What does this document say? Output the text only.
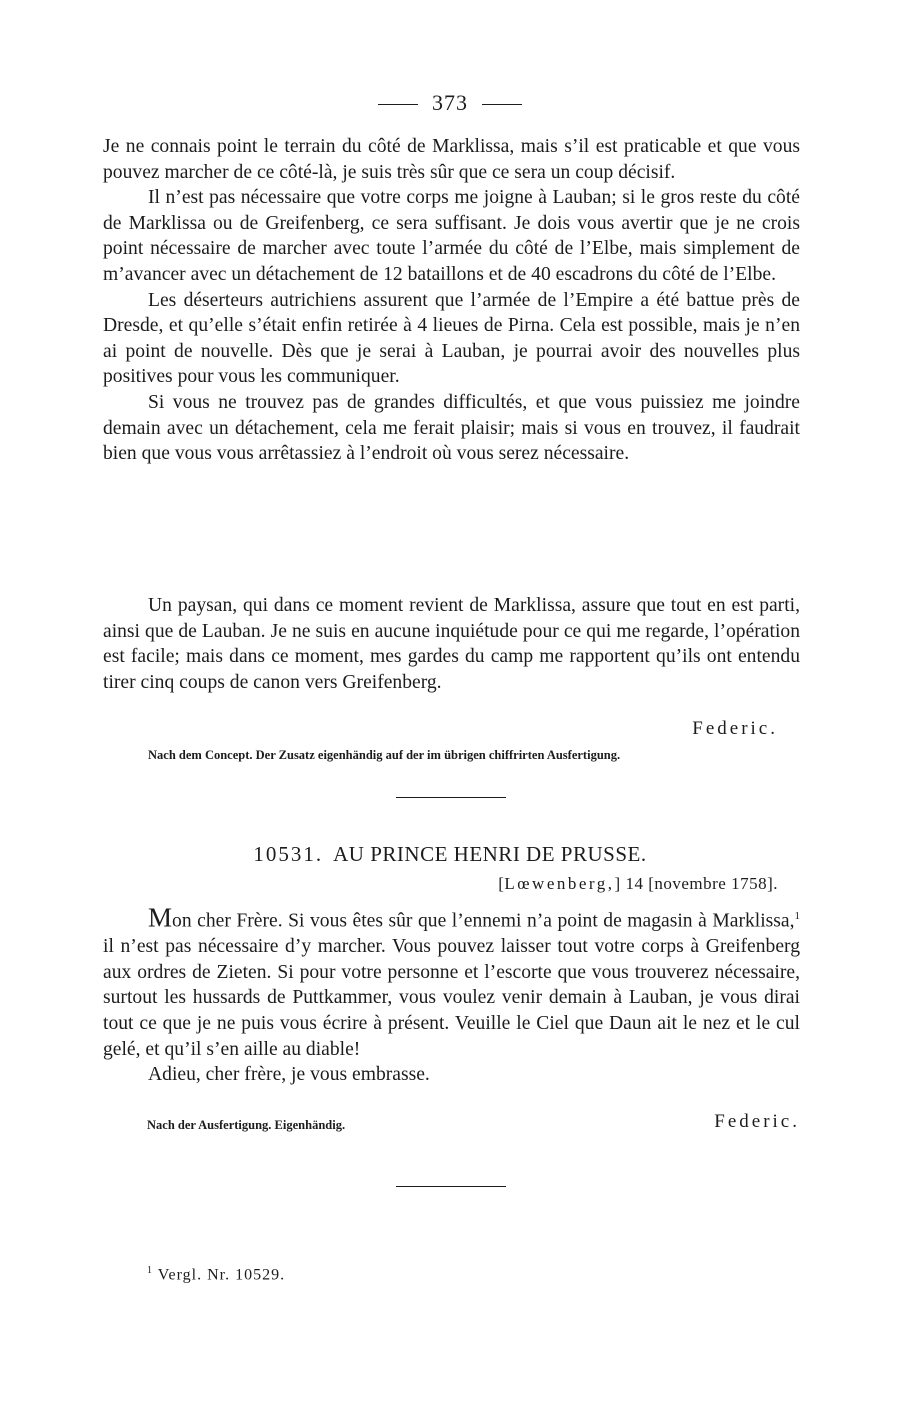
373

Je ne connais point le terrain du côté de Marklissa, mais s’il est praticable et que vous pouvez marcher de ce côté-là, je suis très sûr que ce sera un coup décisif.

Il n’est pas nécessaire que votre corps me joigne à Lauban; si le gros reste du côté de Marklissa ou de Greifenberg, ce sera suffisant. Je dois vous avertir que je ne crois point nécessaire de marcher avec toute l’armée du côté de l’Elbe, mais simplement de m’avancer avec un détachement de 12 bataillons et de 40 escadrons du côté de l’Elbe.

Les déserteurs autrichiens assurent que l’armée de l’Empire a été battue près de Dresde, et qu’elle s’était enfin retirée à 4 lieues de Pirna. Cela est possible, mais je n’en ai point de nouvelle. Dès que je serai à Lauban, je pourrai avoir des nouvelles plus positives pour vous les communiquer.

Si vous ne trouvez pas de grandes difficultés, et que vous puissiez me joindre demain avec un détachement, cela me ferait plaisir; mais si vous en trouvez, il faudrait bien que vous vous arrêtassiez à l’endroit où vous serez nécessaire.

Un paysan, qui dans ce moment revient de Marklissa, assure que tout en est parti, ainsi que de Lauban. Je ne suis en aucune inquiétude pour ce qui me regarde, l’opération est facile; mais dans ce moment, mes gardes du camp me rapportent qu’ils ont entendu tirer cinq coups de canon vers Greifenberg.

Federic.

Nach dem Concept. Der Zusatz eigenhändig auf der im übrigen chiffrirten Ausfertigung.

10531. AU PRINCE HENRI DE PRUSSE.
[Lœwenberg,] 14 [novembre 1758].

Mon cher Frère. Si vous êtes sûr que l’ennemi n’a point de magasin à Marklissa,$^1$ il n’est pas nécessaire d’y marcher. Vous pouvez laisser tout votre corps à Greifenberg aux ordres de Zieten. Si pour votre personne et l’escorte que vous trouverez nécessaire, surtout les hussards de Puttkammer, vous voulez venir demain à Lauban, je vous dirai tout ce que je ne puis vous écrire à présent. Veuille le Ciel que Daun ait le nez et le cul gelé, et qu’il s’en aille au diable!

Adieu, cher frère, je vous embrasse.

Federic.

Nach der Ausfertigung. Eigenhändig.

$^1$ Vergl. Nr. 10529.
